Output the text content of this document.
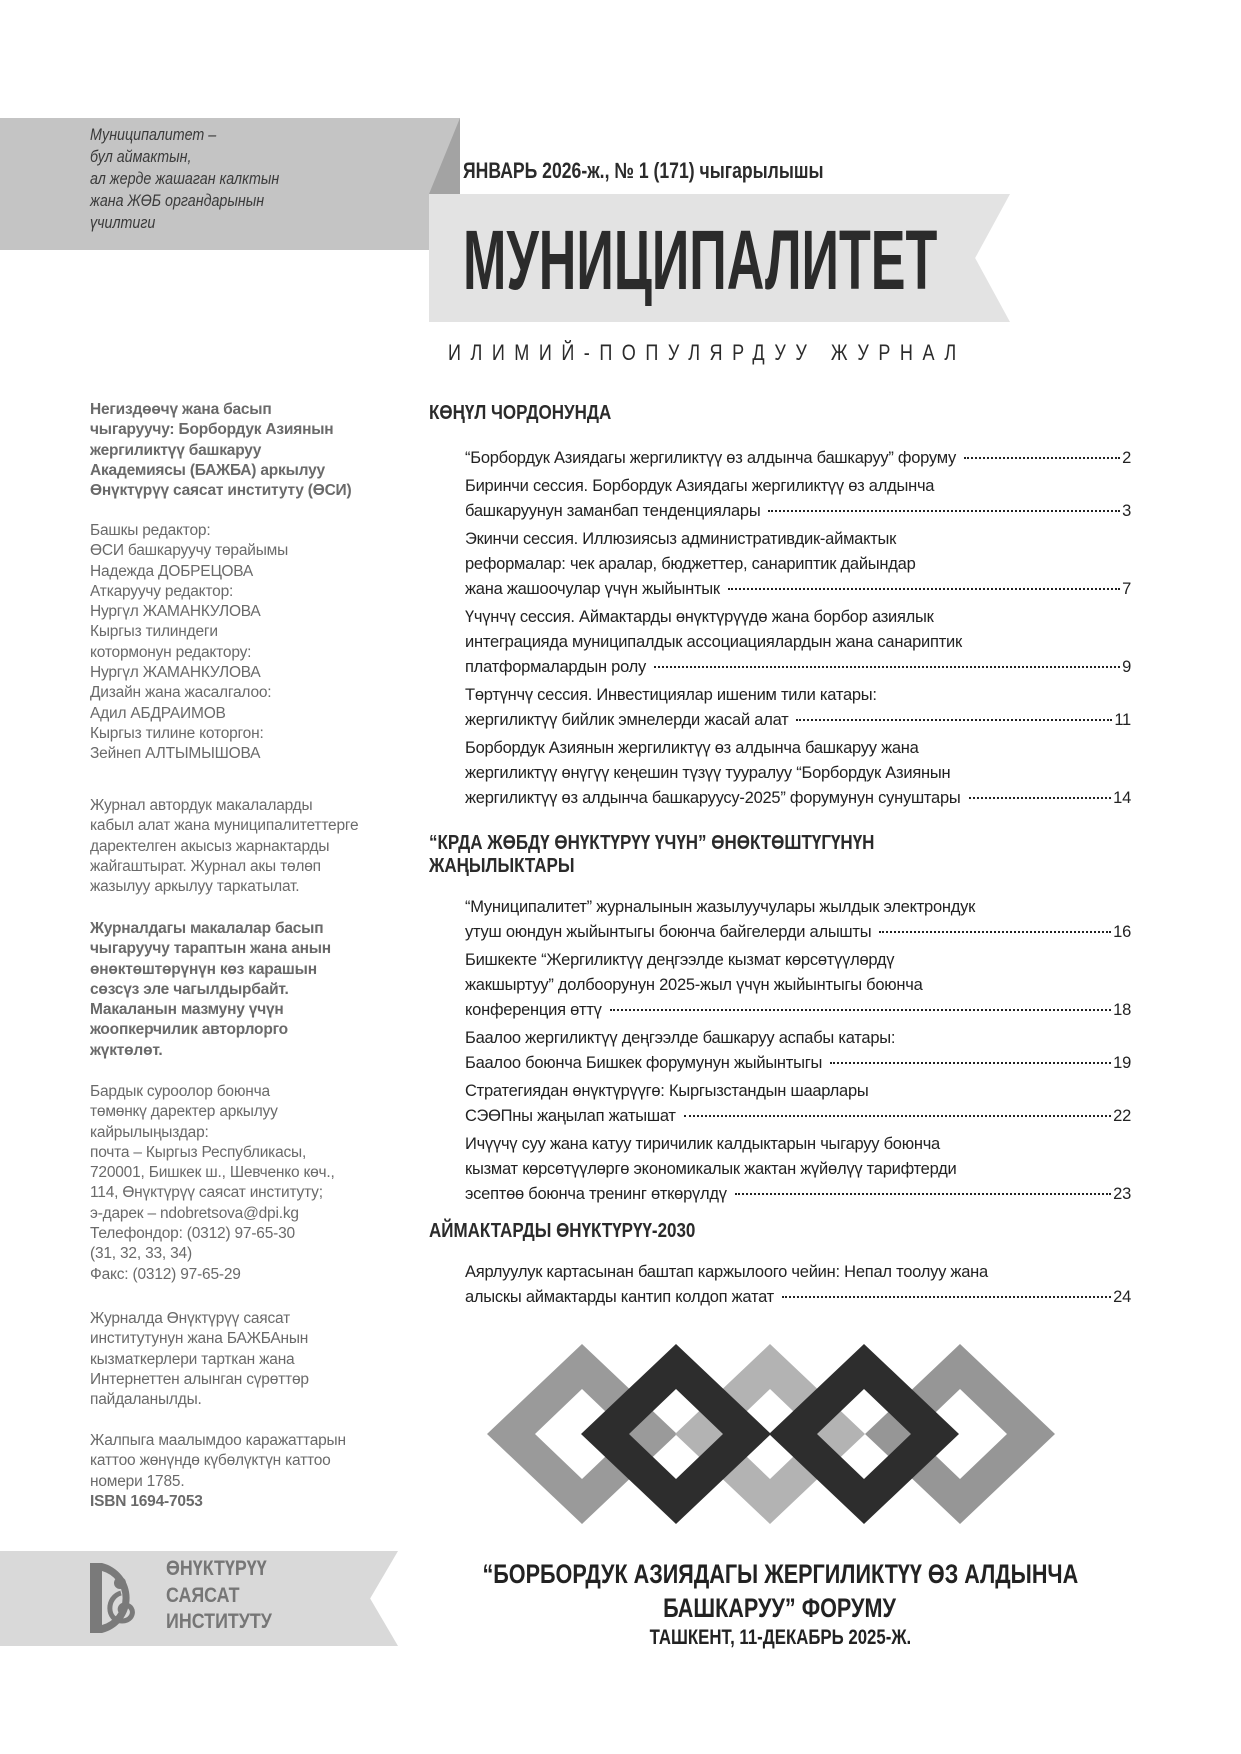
Муниципалитет –
бул аймактын,
ал жерде жашаган калктын
жана ЖӨБ органдарынын
үчилтиги
ЯНВАРЬ 2026-ж., № 1 (171) чыгарылышы
МУНИЦИПАЛИТЕТ
ИЛИМИЙ-ПОПУЛЯРДУУ ЖУРНАЛ
Негиздөөчү жана басып
чыгаруучу: Борбордук Азиянын
жергиликтүү башкаруу
Академиясы (БАЖБА) аркылуу
Өнүктүрүү саясат институту (ӨСИ)
Башкы редактор:
ӨСИ башкаруучу төрайымы
Надежда ДОБРЕЦОВА
Аткаруучу редактор:
Нургүл ЖАМАНКУЛОВА
Кыргыз тилиндеги
котормонун редактору:
Нургүл ЖАМАНКУЛОВА
Дизайн жана жасалгалоо:
Адил АБДРАИМОВ
Кыргыз тилине которгон:
Зейнеп АЛТЫМЫШОВА
Журнал автордук макалаларды
кабыл алат жана муниципалитеттерге
даректелген акысыз жарнактарды
жайгаштырат. Журнал акы төлөп
жазылуу аркылуу таркатылат.
Журналдагы макалалар басып
чыгаруучу тараптын жана анын
өнөктөштөрүнүн көз карашын
сөзсүз эле чагылдырбайт.
Макаланын мазмуну үчүн
жоопкерчилик авторлорго
жүктөлөт.
Бардык суроолор боюнча
төмөнкү даректер аркылуу
кайрылыңыздар:
почта – Кыргыз Республикасы,
720001, Бишкек ш., Шевченко көч.,
114, Өнүктүрүү саясат институту;
э-дарек – ndobretsova@dpi.kg
Телефондор: (0312) 97-65-30
(31, 32, 33, 34)
Факс: (0312) 97-65-29
Журналда Өнүктүрүү саясат
институтунун жана БАЖБАнын
кызматкерлери тарткан жана
Интернеттен алынган сүрөттөр
пайдаланылды.
Жалпыга маалымдоо каражаттарын
каттоо жөнүндө күбөлүктүн каттоо
номери 1785.
ISBN 1694-7053
КӨҢҮЛ ЧОРДОНУНДА
“Борбордук Азиядагы жергиликтүү өз алдынча башкаруу” форуму	2
Биринчи сессия. Борбордук Азиядагы жергиликтүү өз алдынча
башкаруунун заманбап тенденциялары	3
Экинчи сессия. Иллюзиясыз административдик-аймактык
реформалар: чек аралар, бюджеттер, санариптик дайындар
жана жашоочулар үчүн жыйынтык	7
Үчүнчү сессия. Аймактарды өнүктүрүүдө жана борбор азиялык
интеграцияда муниципалдык ассоциациялардын жана санариптик
платформалардын ролу	9
Төртүнчү сессия. Инвестициялар ишеним тили катары:
жергиликтүү бийлик эмнелерди жасай алат	11
Борбордук Азиянын жергиликтүү өз алдынча башкаруу жана
жергиликтүү өнүгүү кеңешин түзүү тууралуу “Борбордук Азиянын
жергиликтүү өз алдынча башкаруусу-2025” форумунун сунуштары	14
“КРДА ЖӨБДҮ ӨНҮКТҮРҮҮ ҮЧҮН” ӨНӨКТӨШТҮГҮНҮН
ЖАҢЫЛЫКТАРЫ
“Муниципалитет” журналынын жазылуучулары жылдык электрондук
утуш оюндун жыйынтыгы боюнча байгелерди алышты	16
Бишкекте “Жергиликтүү деңгээлде кызмат көрсөтүүлөрдү
жакшыртуу” долбоорунун 2025-жыл үчүн жыйынтыгы боюнча
конференция өттү	18
Баалоо жергиликтүү деңгээлде башкаруу аспабы катары:
Баалоо боюнча Бишкек форумунун жыйынтыгы	19
Стратегиядан өнүктүрүүгө: Кыргызстандын шаарлары
СЭӨПны жаңылап жатышат	22
Ичүүчү суу жана катуу тиричилик калдыктарын чыгаруу боюнча
кызмат көрсөтүүлөргө экономикалык жактан жүйөлүү тарифтерди
эсептөө боюнча тренинг өткөрүлдү	23
АЙМАКТАРДЫ ӨНҮКТҮРҮҮ-2030
Аярлуулук картасынан баштап каржылоого чейин: Непал тоолуу жана
алыскы аймактарды кантип колдоп жатат	24
ӨНҮКТҮРҮҮ
САЯСАТ
ИНСТИТУТУ
“БОРБОРДУК АЗИЯДАГЫ ЖЕРГИЛИКТҮҮ ӨЗ АЛДЫНЧА
БАШКАРУУ” ФОРУМУ
ТАШКЕНТ, 11-ДЕКАБРЬ 2025-Ж.
